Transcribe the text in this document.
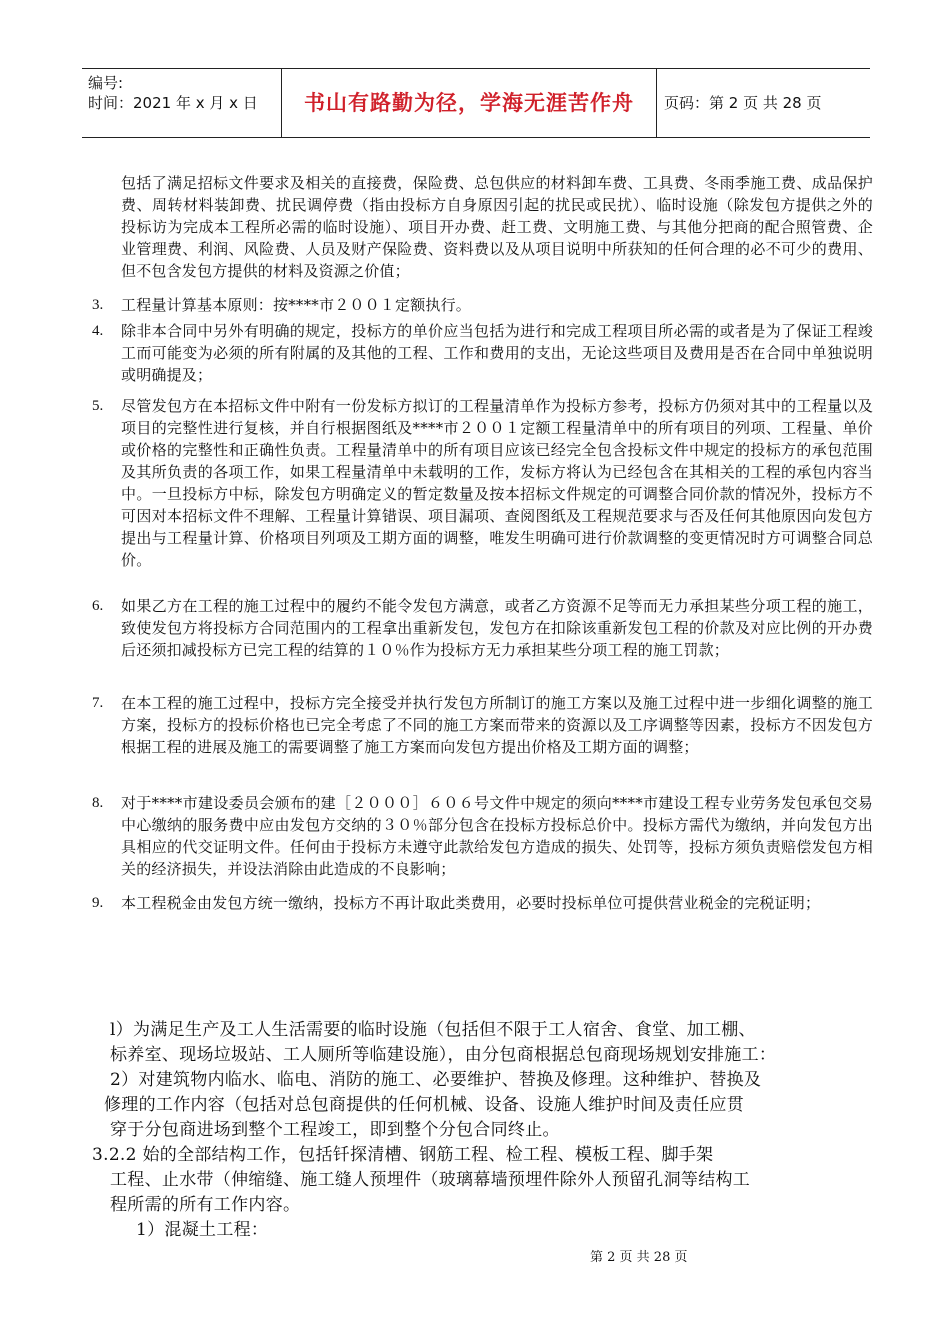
编号:
时间：2021 年 x 月 x 日	书山有路勤为径，学海无涯苦作舟	页码：第 2 页 共 28 页
包括了满足招标文件要求及相关的直接费，保险费、总包供应的材料卸车费、工具费、冬雨季施工费、成品保护费、周转材料装卸费、扰民调停费（指由投标方自身原因引起的扰民或民扰）、临时设施（除发包方提供之外的投标访为完成本工程所必需的临时设施）、项目开办费、赶工费、文明施工费、与其他分把商的配合照管费、企业管理费、利润、风险费、人员及财产保险费、资料费以及从项目说明中所获知的任何合理的必不可少的费用、但不包含发包方提供的材料及资源之价值；
3. 工程量计算基本原则：按****市２００１定额执行。
4. 除非本合同中另外有明确的规定，投标方的单价应当包括为进行和完成工程项目所必需的或者是为了保证工程竣工而可能变为必须的所有附属的及其他的工程、工作和费用的支出，无论这些项目及费用是否在合同中单独说明或明确提及；
5. 尽管发包方在本招标文件中附有一份发标方拟订的工程量清单作为投标方参考，投标方仍须对其中的工程量以及项目的完整性进行复核，并自行根据图纸及****市２００１定额工程量清单中的所有项目的列项、工程量、单价或价格的完整性和正确性负责。工程量清单中的所有项目应该已经完全包含投标文件中规定的投标方的承包范围及其所负责的各项工作，如果工程量清单中未载明的工作，发标方将认为已经包含在其相关的工程的承包内容当中。一旦投标方中标，除发包方明确定义的暂定数量及按本招标文件规定的可调整合同价款的情况外，投标方不可因对本招标文件不理解、工程量计算错误、项目漏项、查阅图纸及工程规范要求与否及任何其他原因向发包方提出与工程量计算、价格项目列项及工期方面的调整，唯发生明确可进行价款调整的变更情况时方可调整合同总价。
6. 如果乙方在工程的施工过程中的履约不能令发包方满意，或者乙方资源不足等而无力承担某些分项工程的施工，致使发包方将投标方合同范围内的工程拿出重新发包，发包方在扣除该重新发包工程的价款及对应比例的开办费后还须扣减投标方已完工程的结算的１０％作为投标方无力承担某些分项工程的施工罚款；
7. 在本工程的施工过程中，投标方完全接受并执行发包方所制订的施工方案以及施工过程中进一步细化调整的施工方案，投标方的投标价格也已完全考虑了不同的施工方案而带来的资源以及工序调整等因素，投标方不因发包方根据工程的进展及施工的需要调整了施工方案而向发包方提出价格及工期方面的调整；
8. 对于****市建设委员会颁布的建［２０００］６０６号文件中规定的须向****市建设工程专业劳务发包承包交易中心缴纳的服务费中应由发包方交纳的３０％部分包含在投标方投标总价中。投标方需代为缴纳，并向发包方出具相应的代交证明文件。任何由于投标方未遵守此款给发包方造成的损失、处罚等，投标方须负责赔偿发包方相关的经济损失，并设法消除由此造成的不良影响；
9. 本工程税金由发包方统一缴纳，投标方不再计取此类费用，必要时投标单位可提供营业税金的完税证明；
l）为满足生产及工人生活需要的临时设施（包括但不限于工人宿舍、食堂、加工棚、
标养室、现场垃圾站、工人厕所等临建设施），由分包商根据总包商现场规划安排施工：
2）对建筑物内临水、临电、消防的施工、必要维护、替换及修理。这种维护、替换及
修理的工作内容（包括对总包商提供的任何机械、设备、设施人维护时间及责任应贯
穿于分包商进场到整个工程竣工，即到整个分包合同终止。
3.2.2 始的全部结构工作，包括钎探清槽、钢筋工程、检工程、模板工程、脚手架
工程、止水带（伸缩缝、施工缝人预埋件（玻璃幕墙预埋件除外人预留孔洞等结构工
程所需的所有工作内容。
1）混凝土工程：
第 2 页 共 28 页
